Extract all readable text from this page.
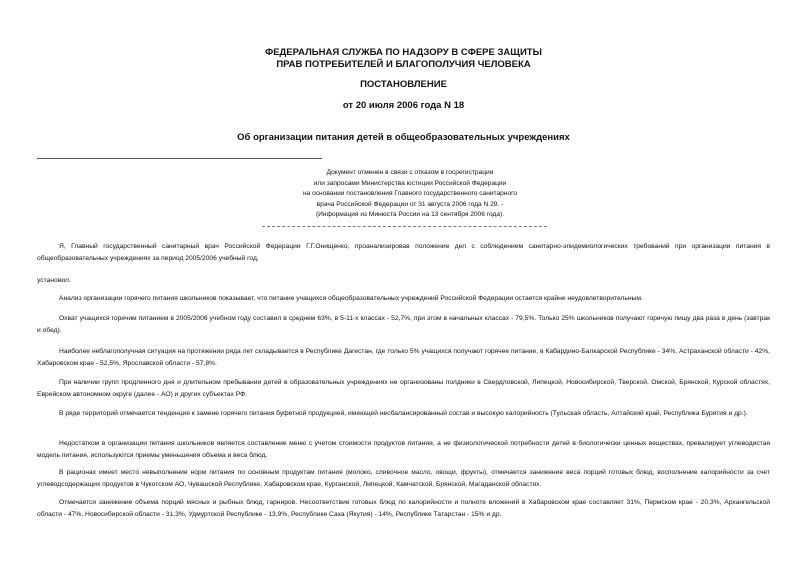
ФЕДЕРАЛЬНАЯ СЛУЖБА ПО НАДЗОРУ В СФЕРЕ ЗАЩИТЫ
ПРАВ ПОТРЕБИТЕЛЕЙ И БЛАГОПОЛУЧИЯ ЧЕЛОВЕКА
ПОСТАНОВЛЕНИЕ
от 20 июля 2006 года N 18
Об организации питания детей в общеобразовательных учреждениях
Документ отменен в связи с отказом в госрегистрации
или запросами Министерства юстиции Российской Федерации
на основании постановления Главного государственного санитарного
врача Российской Федерации от 31 августа 2006 года N 29. -
(Информация из Минюста России на 13 сентября 2006 года).

Я, Главный государственный санитарный врач Российской Федерации Г.Г.Онищенко, проанализировав положение дел с соблюдением санитарно-эпидемиологических требований при организации питания в общеобразовательных учреждениях за период 2005/2006 учебный год,

установил.

Анализ организации горячего питания школьников показывает, что питание учащихся общеобразовательных учреждений Российской Федерации остается крайне неудовлетворительным.

Охват учащихся горячим питанием в 2005/2006 учебном году составил в среднем 63%, в 5-11-х классах - 52,7%, при этом в начальных классах - 79,5%. Только 25% школьников получают горячую пищу два раза в день (завтрак и обед).

Наиболее неблагополучная ситуация на протяжении ряда лет складывается в Республике Дагестан, где только 5% учащихся получают горячее питание, в Кабардино-Балкарской Республике - 34%, Астраханской области - 42%, Хабаровском крае - 52,5%, Ярославской области - 57,8%.

При наличии групп продленного дня и длительном пребывании детей в образовательных учреждениях не организованы полдники в Свердловской, Липецкой, Новосибирской, Тверской, Омской, Брянской, Курской областях, Еврейском автономном округе (далее - АО) и других субъектах РФ.

В ряде территорий отмечается тенденция к замене горячего питания буфетной продукцией, имеющей несбалансированный состав и высокую калорийность (Тульская область, Алтайский край, Республика Бурятия и др.).

Недостатком в организации питания школьников является составление меню с учетом стоимости продуктов питания, а не физиологической потребности детей в биологически ценных веществах, превалирует углеводистая модель питания, используются приемы уменьшения объема и веса блюд.

В рационах имеет место невыполнение норм питания по основным продуктам питания (молоко, сливочное масло, овощи, фрукты), отмечается занижение веса порций готовых блюд, восполнение калорийности за счет углеводсодержащих продуктов в Чукотском АО, Чувашской Республике, Хабаровском крае, Курганской, Липецкой, Камчатской, Брянской, Магаданской областях.

Отмечается занижение объема порций мясных и рыбных блюд, гарниров. Несоответствие готовых блюд по калорийности и полноте вложений в Хабаровском крае составляет 31%, Пермском крае - 20,3%, Архангельской области - 47%, Новосибирской области - 31,3%, Удмуртской Республике - 13,9%, Республике Саха (Якутия) - 14%, Республике Татарстан - 15% и др.
